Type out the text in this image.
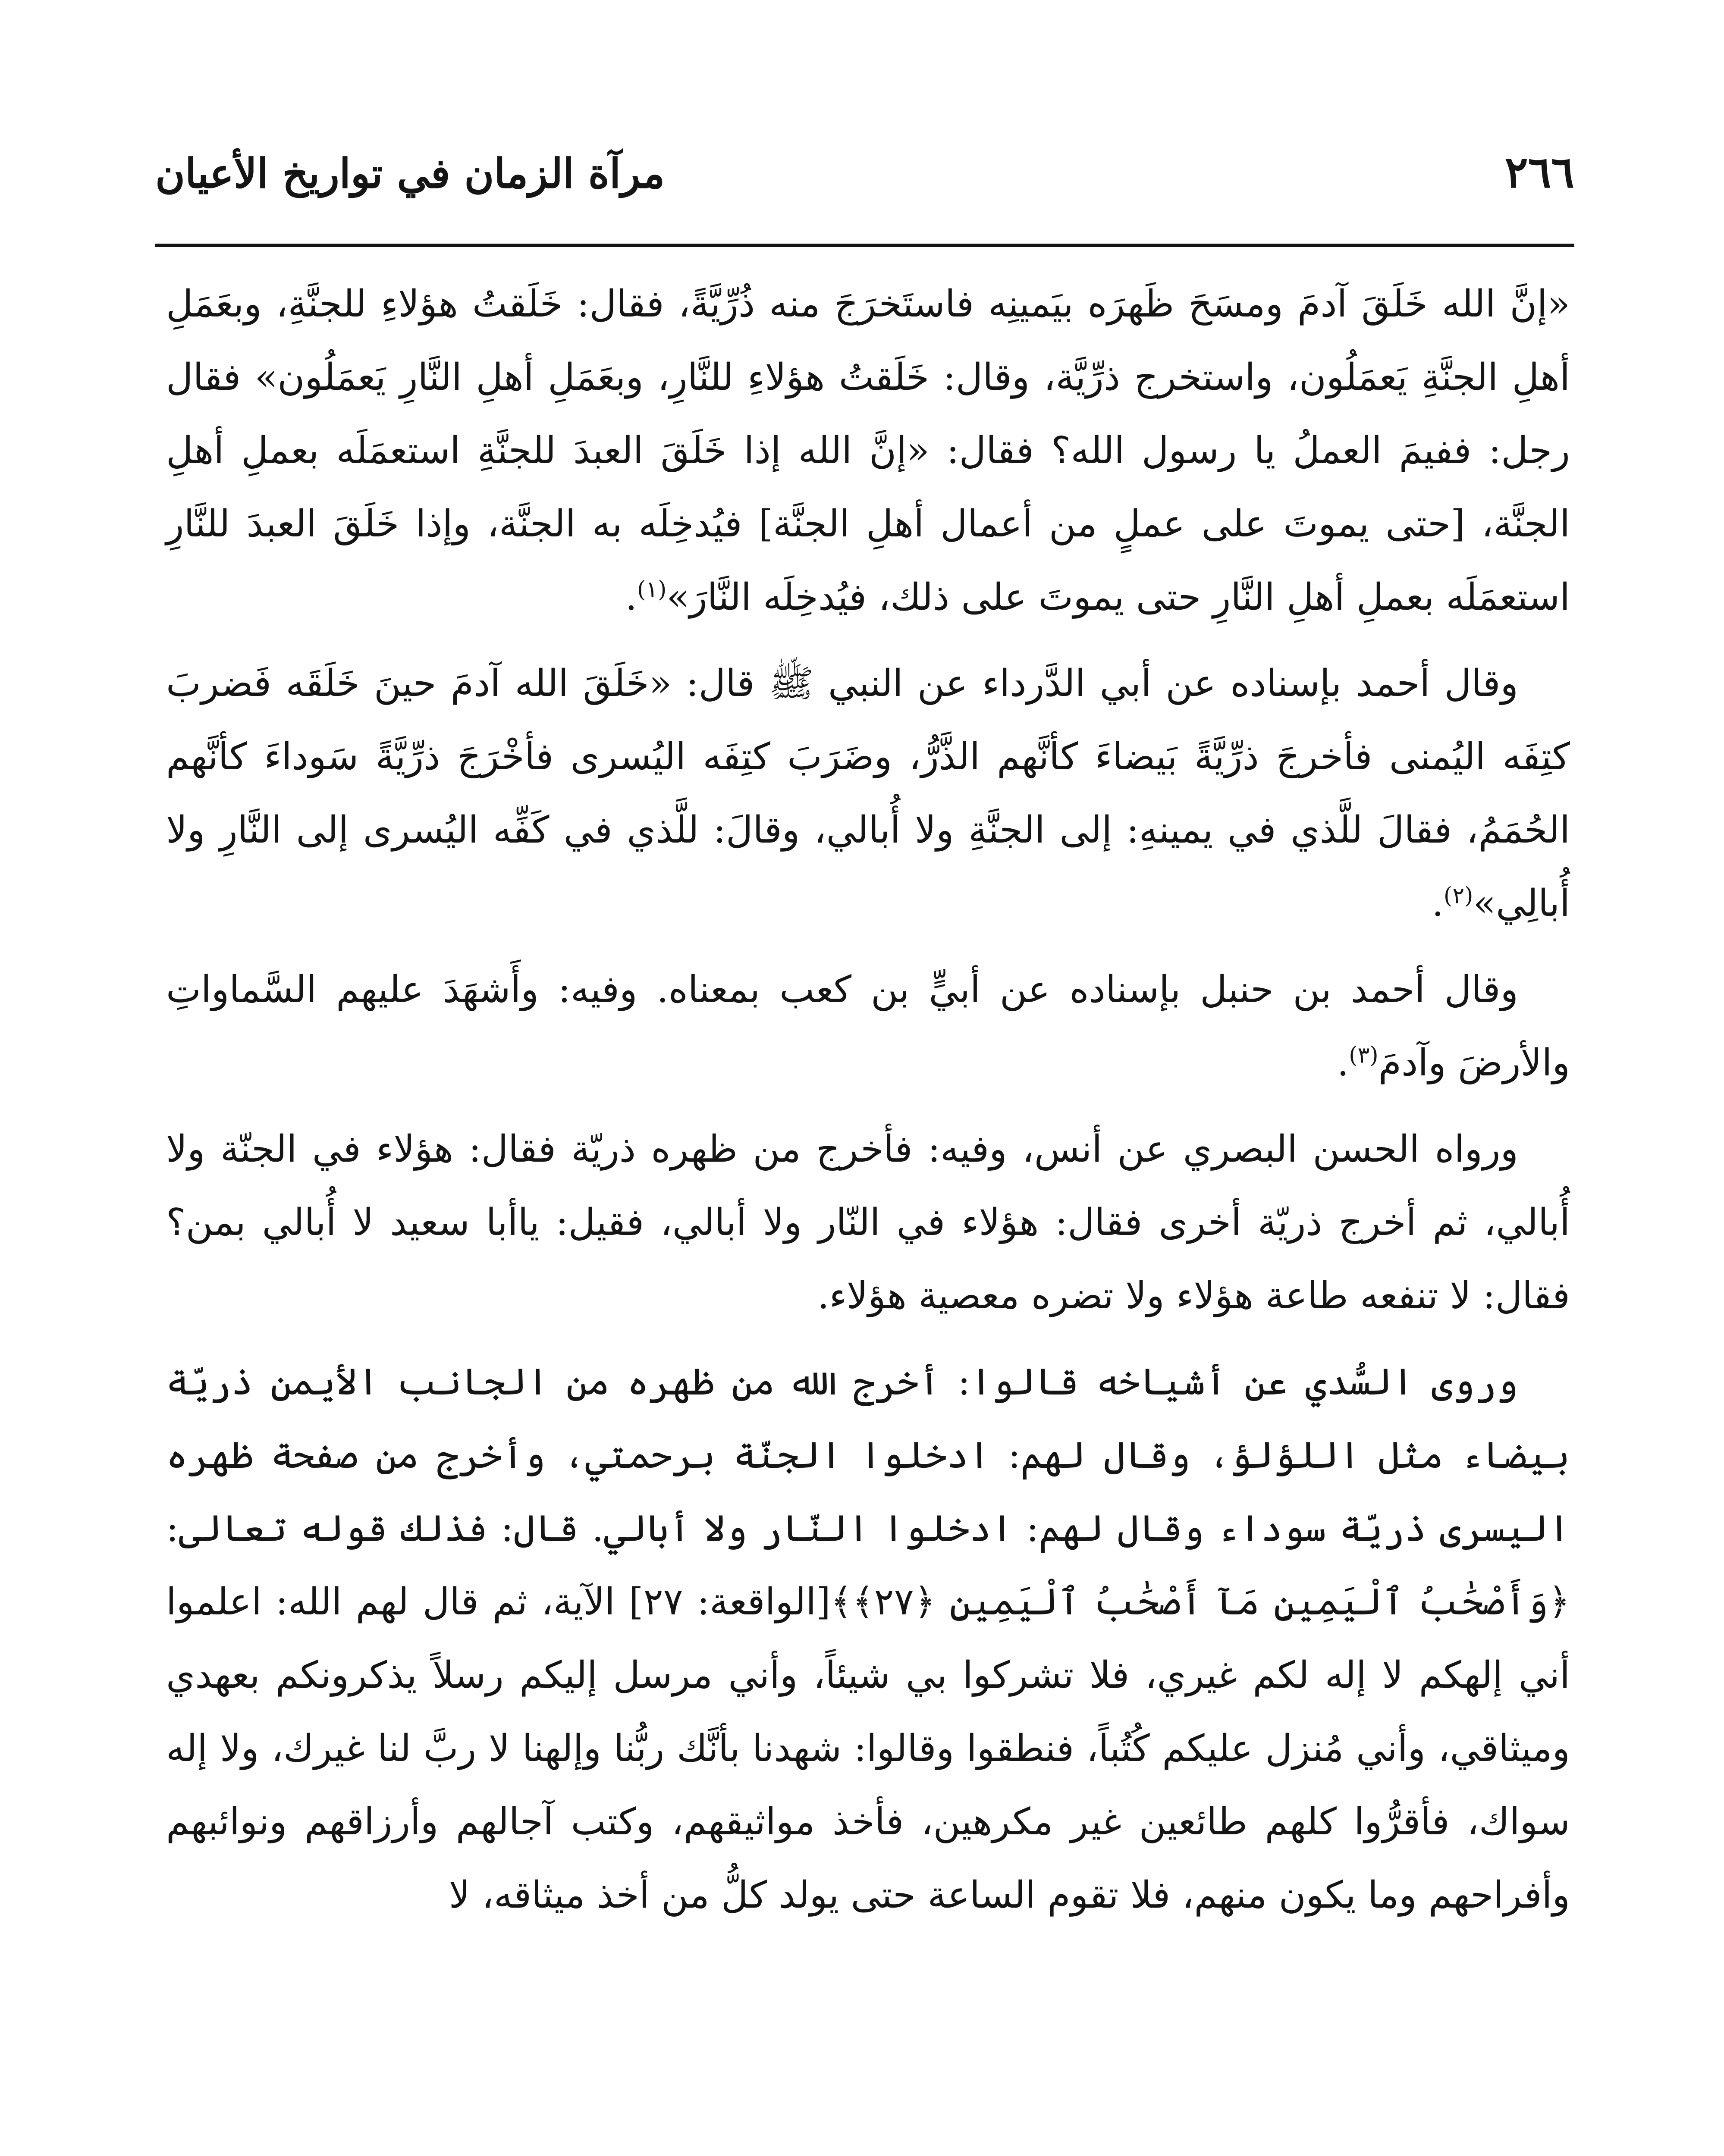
٢٦٦
مرآة الزمان في تواريخ الأعيان

«إنَّ الله خَلَقَ آدمَ ومسَحَ ظَهرَه بيَمينِه فاستَخرَجَ منه ذُرِّيَّةً، فقال: خَلَقتُ هؤلاءِ للجنَّةِ، وبعَمَلِ أهلِ الجنَّةِ يَعمَلُون، واستخرج ذرِّيَّة، وقال: خَلَقتُ هؤلاءِ للنَّارِ، وبعَمَلِ أهلِ النَّارِ يَعمَلُون» فقال رجل: ففيمَ العملُ يا رسول الله؟ فقال: «إنَّ الله إذا خَلَقَ العبدَ للجنَّةِ استعمَلَه بعملِ أهلِ الجنَّة، [حتى يموتَ على عملٍ من أعمال أهلِ الجنَّة] فيُدخِلَه به الجنَّة، وإذا خَلَقَ العبدَ للنَّارِ استعمَلَه بعملِ أهلِ النَّارِ حتى يموتَ على ذلك، فيُدخِلَه النَّارَ»$^{(١)}$.

وقال أحمد بإسناده عن أبي الدَّرداء عن النبي ﷺ قال: «خَلَقَ الله آدمَ حينَ خَلَقَه فَضربَ كتِفَه اليُمنى فأخرجَ ذرِّيَّةً بَيضاءَ كأنَّهم الذَّرُّ، وضَرَبَ كتِفَه اليُسرى فأخْرَجَ ذرِّيَّةً سَوداءَ كأنَّهم الحُمَمُ، فقالَ للَّذي في يمينهِ: إلى الجنَّةِ ولا أُبالي، وقالَ: للَّذي في كَفِّه اليُسرى إلى النَّارِ ولا أُبالِي»$^{(٢)}$.

وقال أحمد بن حنبل بإسناده عن أبيٍّ بن كعب بمعناه. وفيه: وأَشهَدَ عليهم السَّماواتِ والأرضَ وآدمَ$^{(٣)}$.

ورواه الحسن البصري عن أنس، وفيه: فأخرج من ظهره ذريّة فقال: هؤلاء في الجنّة ولا أُبالي، ثم أخرج ذريّة أخرى فقال: هؤلاء في النّار ولا أبالي، فقيل: ياأبا سعيد لا أُبالي بمن؟ فقال: لا تنفعه طاعة هؤلاء ولا تضره معصية هؤلاء.

وروى السُّدي عن أشياخه قالوا: أخرج الله من ظهره من الجانب الأيمن ذريّة بيضاء مثل اللؤلؤ، وقال لهم: ادخلوا الجنّة برحمتي، وأخرج من صفحة ظهره اليسرى ذريّة سوداء وقال لهم: ادخلوا النّار ولا أبالي. قال: فذلك قوله تعالى: ﴿وَأَصْحَٰبُ ٱلْيَمِينِ مَآ أَصْحَٰبُ ٱلْيَمِينِ ﴿٢٧﴾﴾[الواقعة: ٢٧] الآية، ثم قال لهم الله: اعلموا أني إلهكم لا إله لكم غيري، فلا تشركوا بي شيئاً، وأني مرسل إليكم رسلاً يذكرونكم بعهدي وميثاقي، وأني مُنزل عليكم كُتُباً، فنطقوا وقالوا: شهدنا بأنَّك ربُّنا وإلهنا لا ربَّ لنا غيرك، ولا إله سواك، فأقرُّوا كلهم طائعين غير مكرهين، فأخذ مواثيقهم، وكتب آجالهم وأرزاقهم ونوائبهم وأفراحهم وما يكون منهم، فلا تقوم الساعة حتى يولد كلُّ من أخذ ميثاقه، لا
